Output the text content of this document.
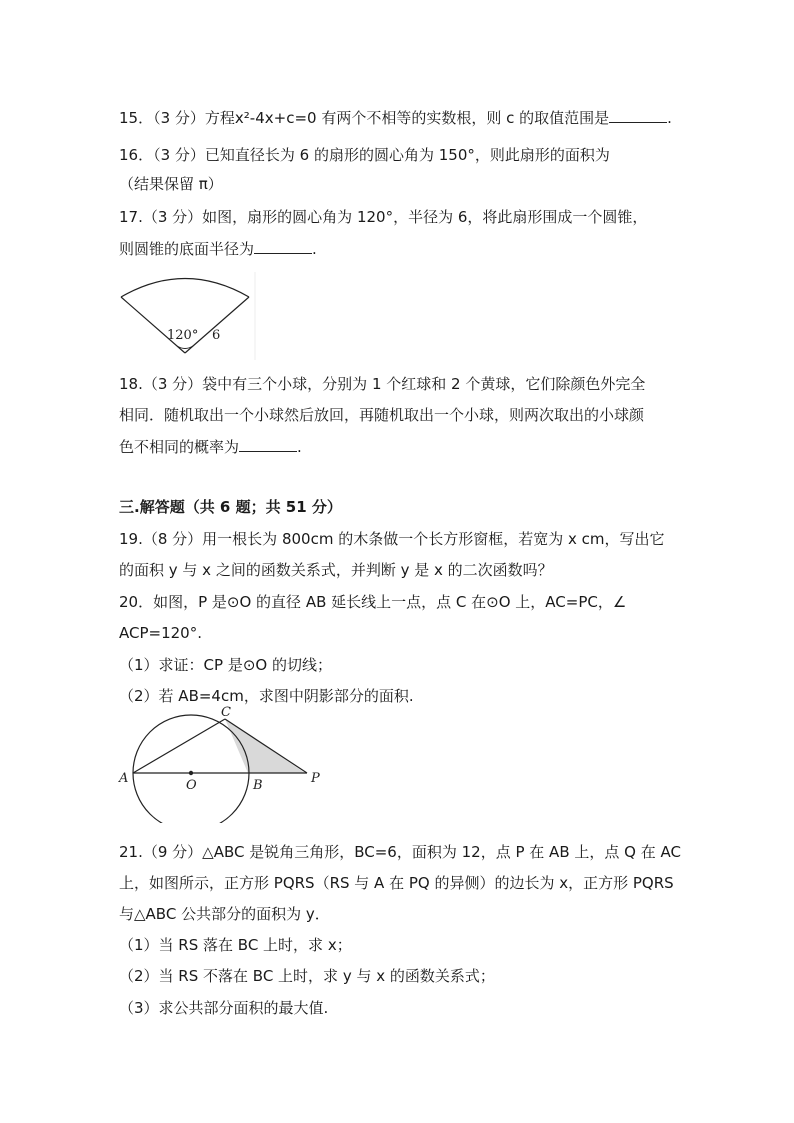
15．（3 分）方程x²-4x+c=0 有两个不相等的实数根，则 c 的取值范围是	.
16．（3 分）已知直径长为 6 的扇形的圆心角为 150°，则此扇形的面积为
（结果保留 π）
17.（3 分）如图，扇形的圆心角为 120°，半径为 6，将此扇形围成一个圆锥，
则圆锥的底面半径为	.
120° 6
18.（3 分）袋中有三个小球，分别为 1 个红球和 2 个黄球，它们除颜色外完全
相同．随机取出一个小球然后放回，再随机取出一个小球，则两次取出的小球颜
色不相同的概率为	.
三.解答题（共 6 题；共 51 分）
19.（8 分）用一根长为 800cm 的木条做一个长方形窗框，若宽为 x cm，写出它
的面积 y 与 x 之间的函数关系式，并判断 y 是 x 的二次函数吗？
20．如图，P 是⊙O 的直径 AB 延长线上一点，点 C 在⊙O 上，AC=PC，∠
ACP=120°.
（1）求证：CP 是⊙O 的切线；
（2）若 AB=4cm，求图中阴影部分的面积.
A
C
O	B	P
21.（9 分）△ABC 是锐角三角形，BC=6，面积为 12，点 P 在 AB 上，点 Q 在 AC
上，如图所示，正方形 PQRS（RS 与 A 在 PQ 的异侧）的边长为 x，正方形 PQRS
与△ABC 公共部分的面积为 y．
（1）当 RS 落在 BC 上时，求 x；
（2）当 RS 不落在 BC 上时，求 y 与 x 的函数关系式；
（3）求公共部分面积的最大值.
